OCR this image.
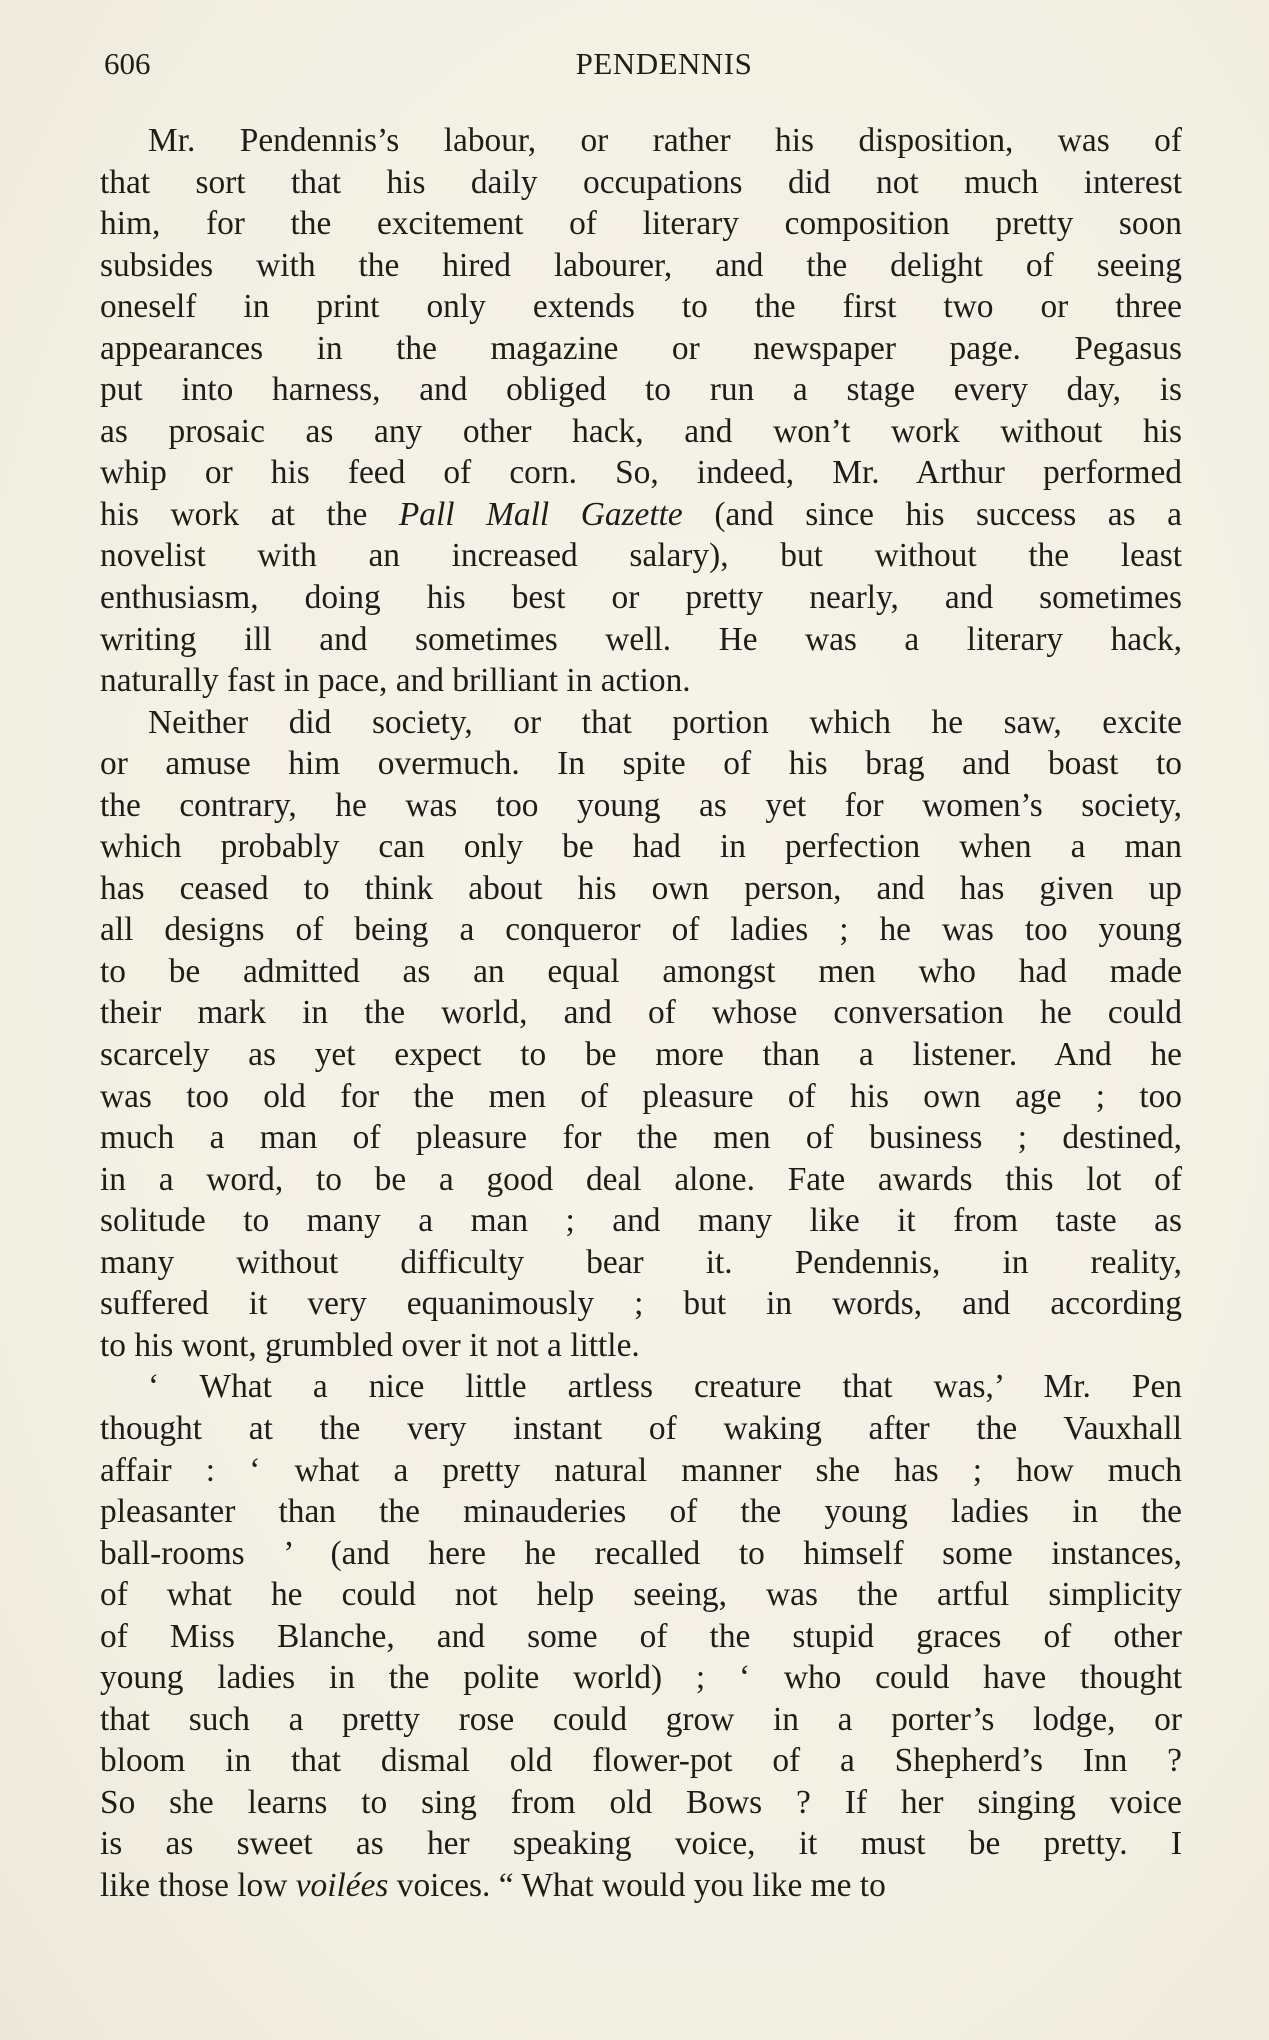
606	PENDENNIS
Mr. Pendennis’s labour, or rather his disposition, was of
that sort that his daily occupations did not much interest
him, for the excitement of literary composition pretty soon
subsides with the hired labourer, and the delight of seeing
oneself in print only extends to the first two or three
appearances in the magazine or newspaper page. Pegasus
put into harness, and obliged to run a stage every day, is
as prosaic as any other hack, and won’t work without his
whip or his feed of corn. So, indeed, Mr. Arthur performed
his work at the Pall Mall Gazette (and since his success as a
novelist with an increased salary), but without the least
enthusiasm, doing his best or pretty nearly, and sometimes
writing ill and sometimes well. He was a literary hack,
naturally fast in pace, and brilliant in action.
Neither did society, or that portion which he saw, excite
or amuse him overmuch. In spite of his brag and boast to
the contrary, he was too young as yet for women’s society,
which probably can only be had in perfection when a man
has ceased to think about his own person, and has given up
all designs of being a conqueror of ladies ; he was too young
to be admitted as an equal amongst men who had made
their mark in the world, and of whose conversation he could
scarcely as yet expect to be more than a listener. And he
was too old for the men of pleasure of his own age ; too
much a man of pleasure for the men of business ; destined,
in a word, to be a good deal alone. Fate awards this lot of
solitude to many a man ; and many like it from taste as
many without difficulty bear it. Pendennis, in reality,
suffered it very equanimously ; but in words, and according
to his wont, grumbled over it not a little.
‘ What a nice little artless creature that was,’ Mr. Pen
thought at the very instant of waking after the Vauxhall
affair : ‘ what a pretty natural manner she has ; how much
pleasanter than the minauderies of the young ladies in the
ball-rooms ’ (and here he recalled to himself some instances,
of what he could not help seeing, was the artful simplicity
of Miss Blanche, and some of the stupid graces of other
young ladies in the polite world) ; ‘ who could have thought
that such a pretty rose could grow in a porter’s lodge, or
bloom in that dismal old flower-pot of a Shepherd’s Inn ?
So she learns to sing from old Bows ? If her singing voice
is as sweet as her speaking voice, it must be pretty. I
like those low voilées voices. “ What would you like me to
